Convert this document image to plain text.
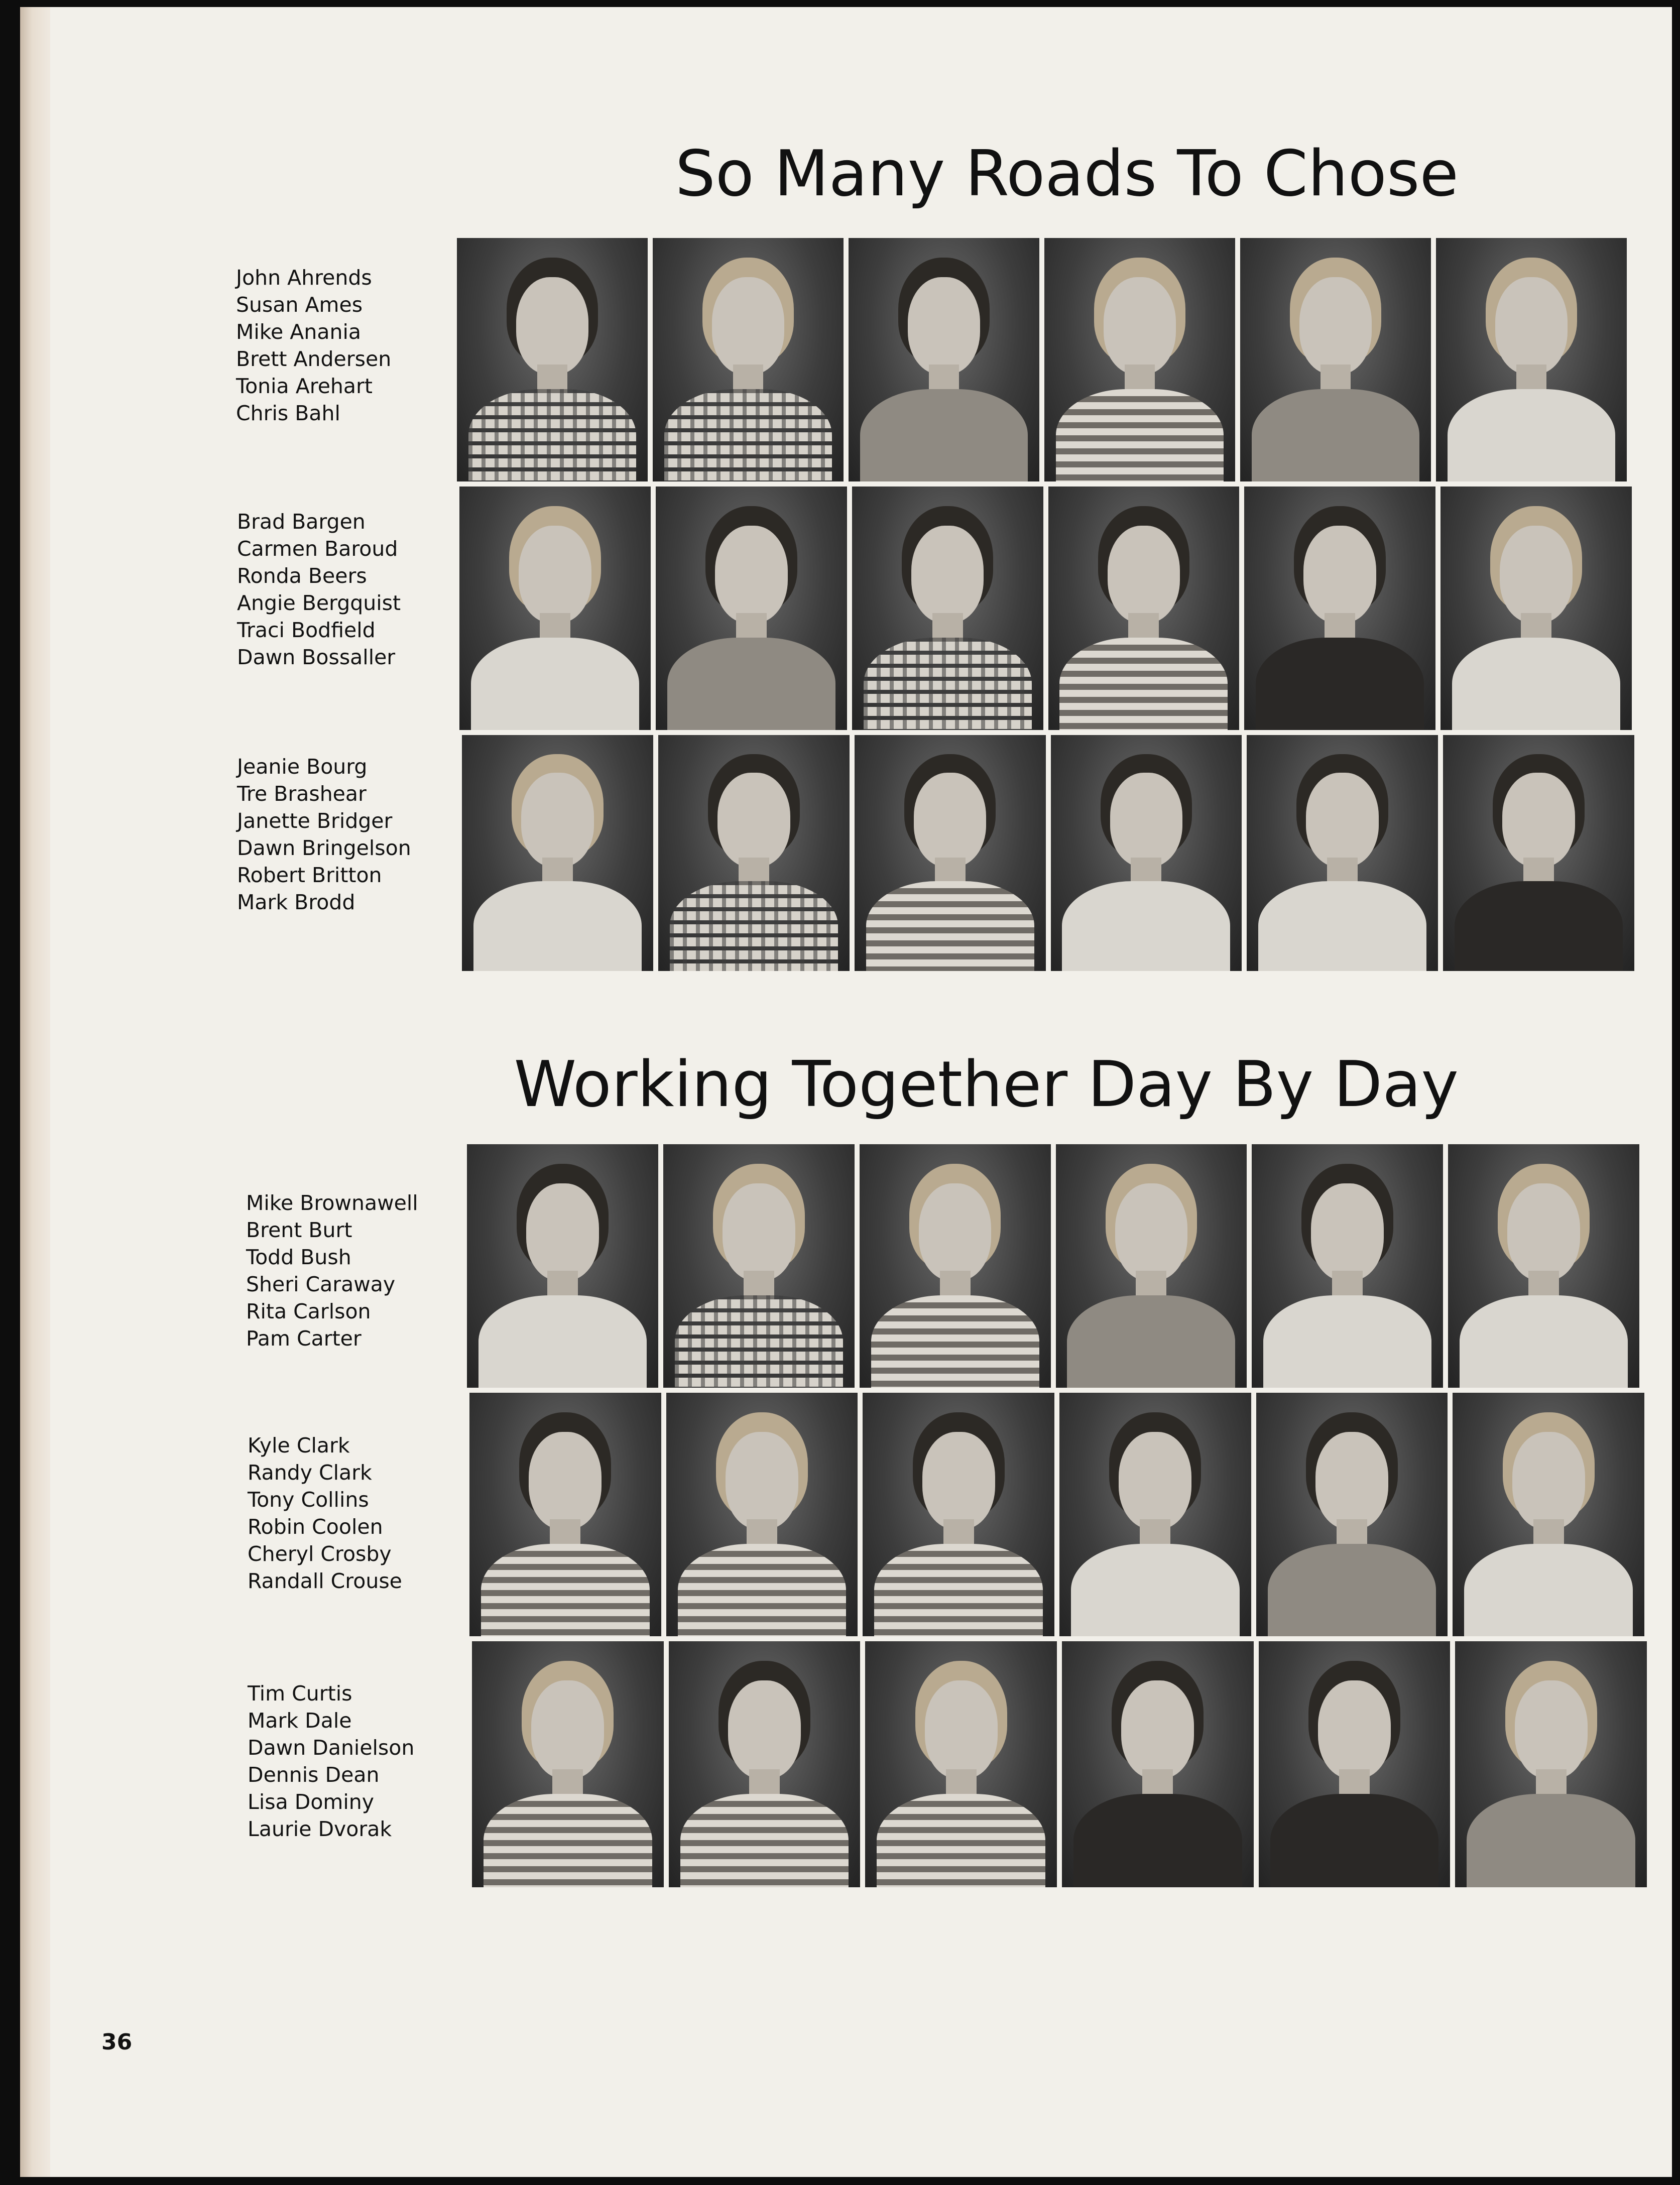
So Many Roads To Chose
Working Together Day By Day
John Ahrends
Susan Ames
Mike Anania
Brett Andersen
Tonia Arehart
Chris Bahl
Brad Bargen
Carmen Baroud
Ronda Beers
Angie Bergquist
Traci Bodfield
Dawn Bossaller
Jeanie Bourg
Tre Brashear
Janette Bridger
Dawn Bringelson
Robert Britton
Mark Brodd
Mike Brownawell
Brent Burt
Todd Bush
Sheri Caraway
Rita Carlson
Pam Carter
Kyle Clark
Randy Clark
Tony Collins
Robin Coolen
Cheryl Crosby
Randall Crouse
Tim Curtis
Mark Dale
Dawn Danielson
Dennis Dean
Lisa Dominy
Laurie Dvorak
36
